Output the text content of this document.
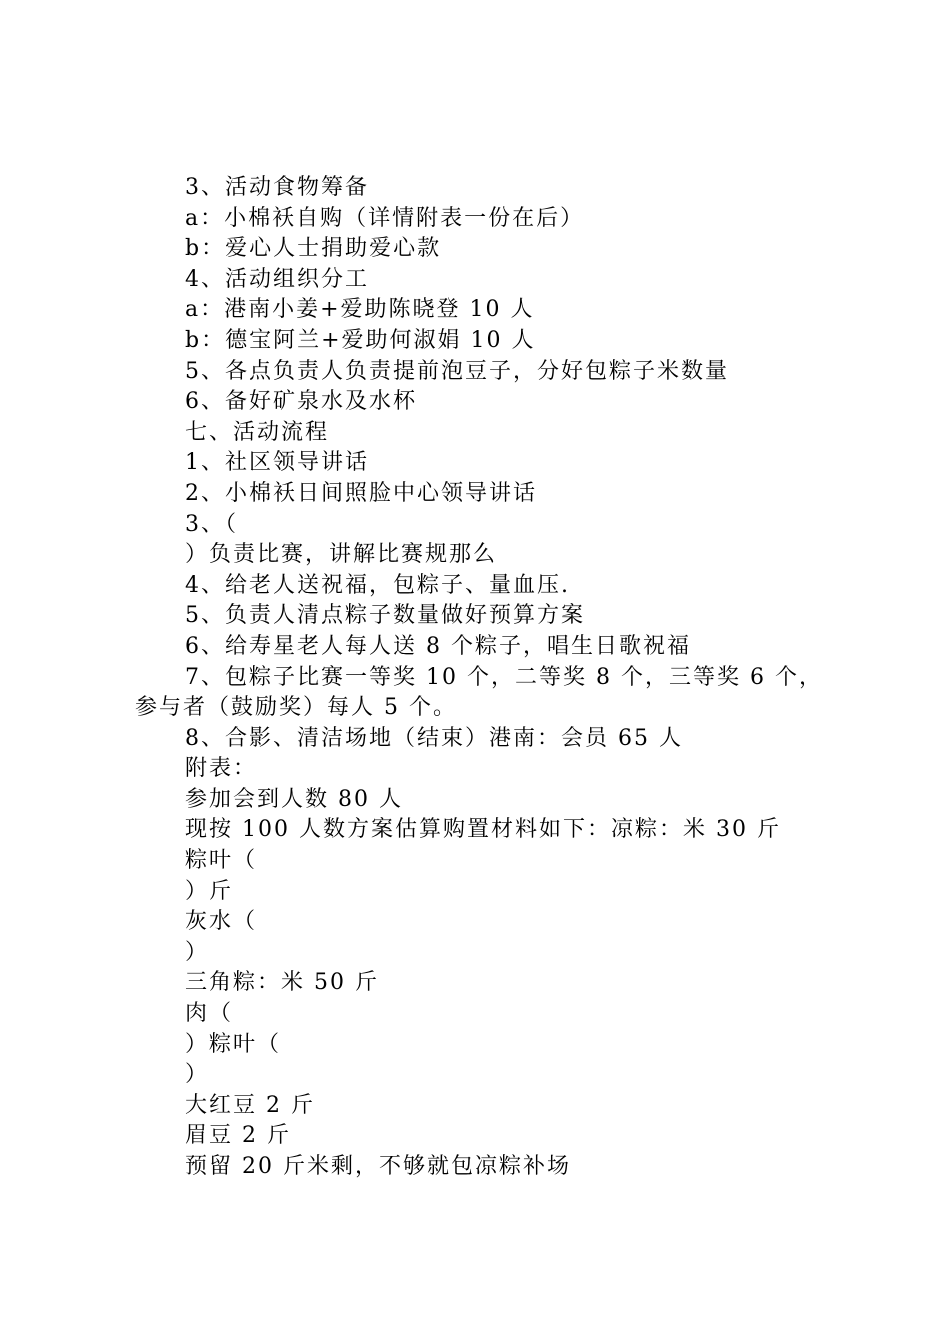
3、活动食物筹备
a：小棉袄自购（详情附表一份在后）
b：爱心人士捐助爱心款
4、活动组织分工
a：港南小姜+爱助陈晓登 10 人
b：德宝阿兰+爱助何淑娟 10 人
5、各点负责人负责提前泡豆子，分好包粽子米数量
6、备好矿泉水及水杯
七、活动流程
1、社区领导讲话
2、小棉袄日间照脸中心领导讲话
3、（
）负责比赛，讲解比赛规那么
4、给老人送祝福，包粽子、量血压.
5、负责人清点粽子数量做好预算方案
6、给寿星老人每人送 8 个粽子，唱生日歌祝福
7、包粽子比赛一等奖 10 个，二等奖 8 个，三等奖 6 个，
参与者（鼓励奖）每人 5 个。
8、合影、清洁场地（结束）港南：会员 65 人
附表：
参加会到人数 80 人
现按 100 人数方案估算购置材料如下：凉粽：米 30 斤
粽叶（
）斤
灰水（
）
三角粽：米 50 斤
肉（
）粽叶（
）
大红豆 2 斤
眉豆 2 斤
预留 20 斤米剩，不够就包凉粽补场
